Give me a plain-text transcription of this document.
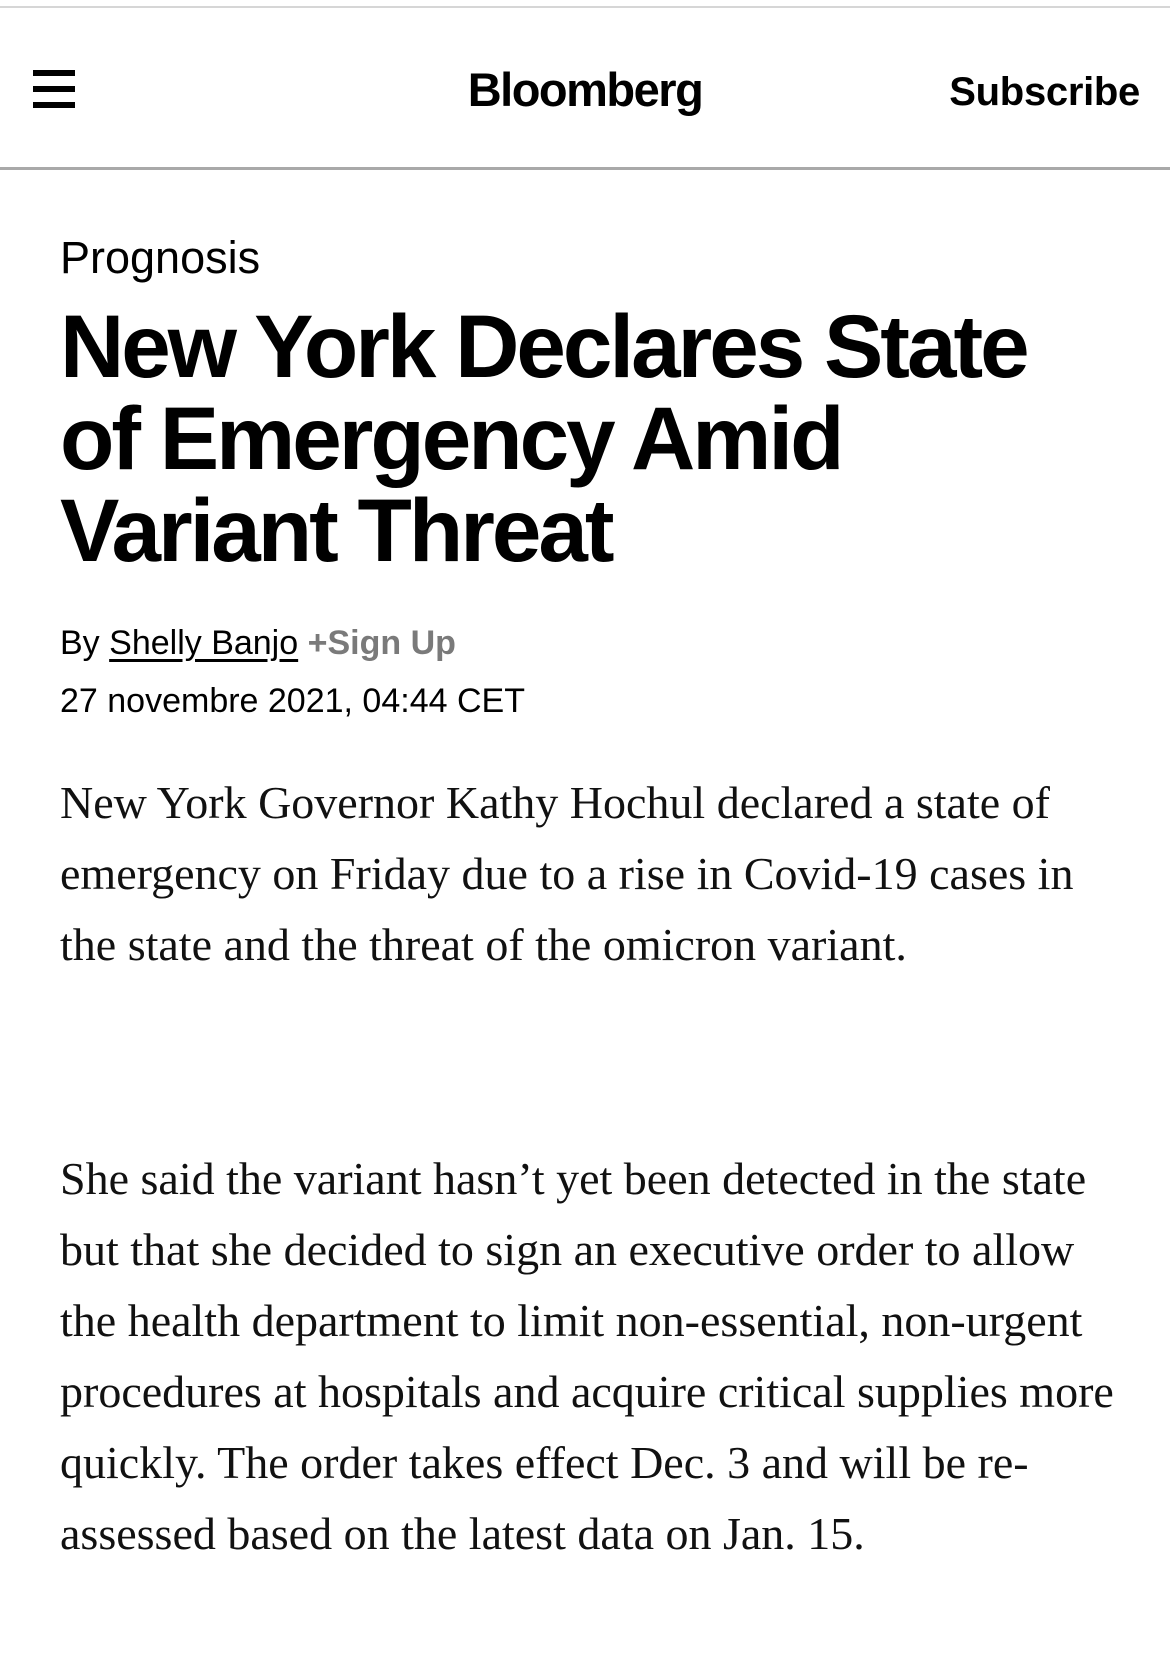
Bloomberg	Subscribe
Prognosis
New York Declares State of Emergency Amid Variant Threat
By Shelly Banjo +Sign Up
27 novembre 2021, 04:44 CET

New York Governor Kathy Hochul declared a state of emergency on Friday due to a rise in Covid-19 cases in the state and the threat of the omicron variant.

She said the variant hasn’t yet been detected in the state but that she decided to sign an executive order to allow the health department to limit non-essential, non-urgent procedures at hospitals and acquire critical supplies more quickly. The order takes effect Dec. 3 and will be re-assessed based on the latest data on Jan. 15.
